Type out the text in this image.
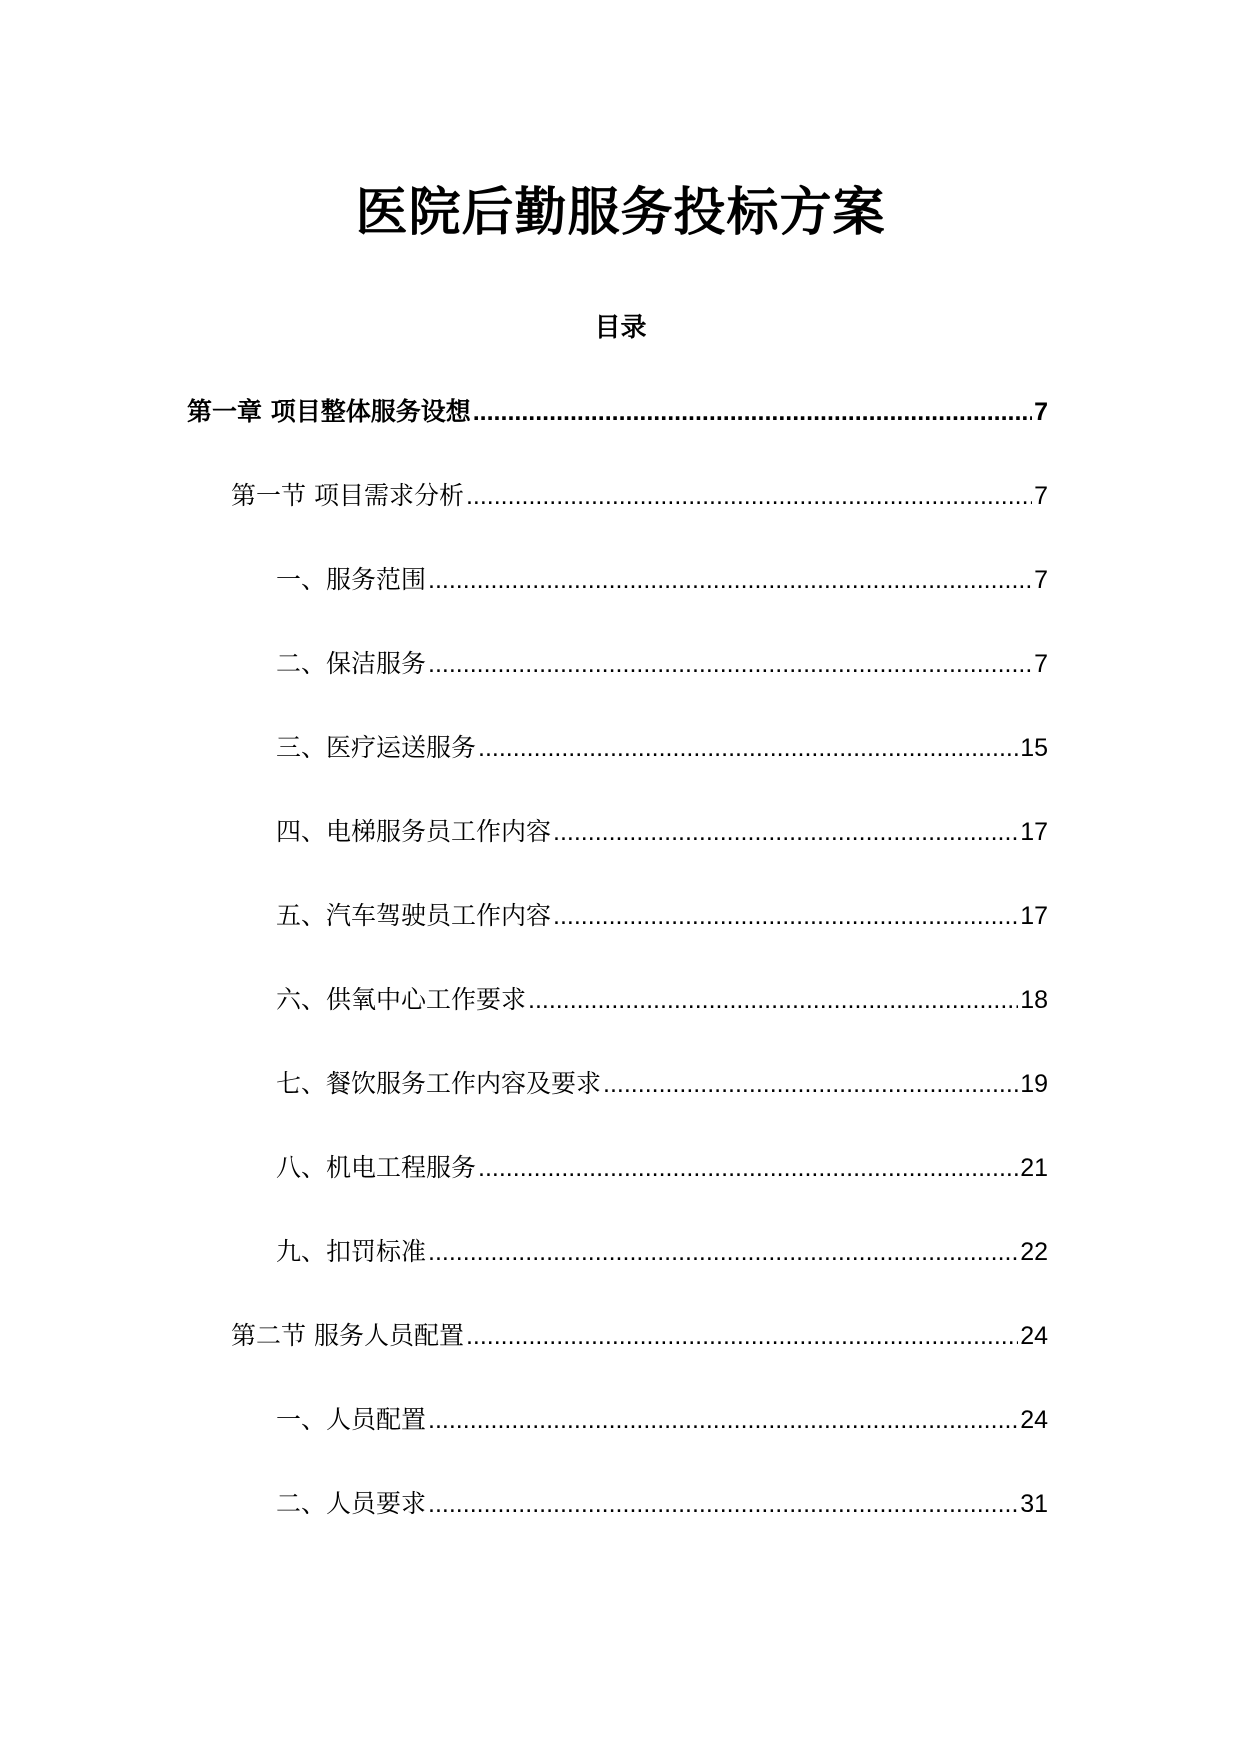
医院后勤服务投标方案
目录
第一章 项目整体服务设想 .....	7
第一节 项目需求分析 .....	7
一、服务范围 .....	7
二、保洁服务 .....	7
三、医疗运送服务 .....	15
四、电梯服务员工作内容 .....	17
五、汽车驾驶员工作内容 .....	17
六、供氧中心工作要求 .....	18
七、餐饮服务工作内容及要求 .....	19
八、机电工程服务 .....	21
九、扣罚标准 .....	22
第二节 服务人员配置 .....	24
一、人员配置 .....	24
二、人员要求 .....	31
